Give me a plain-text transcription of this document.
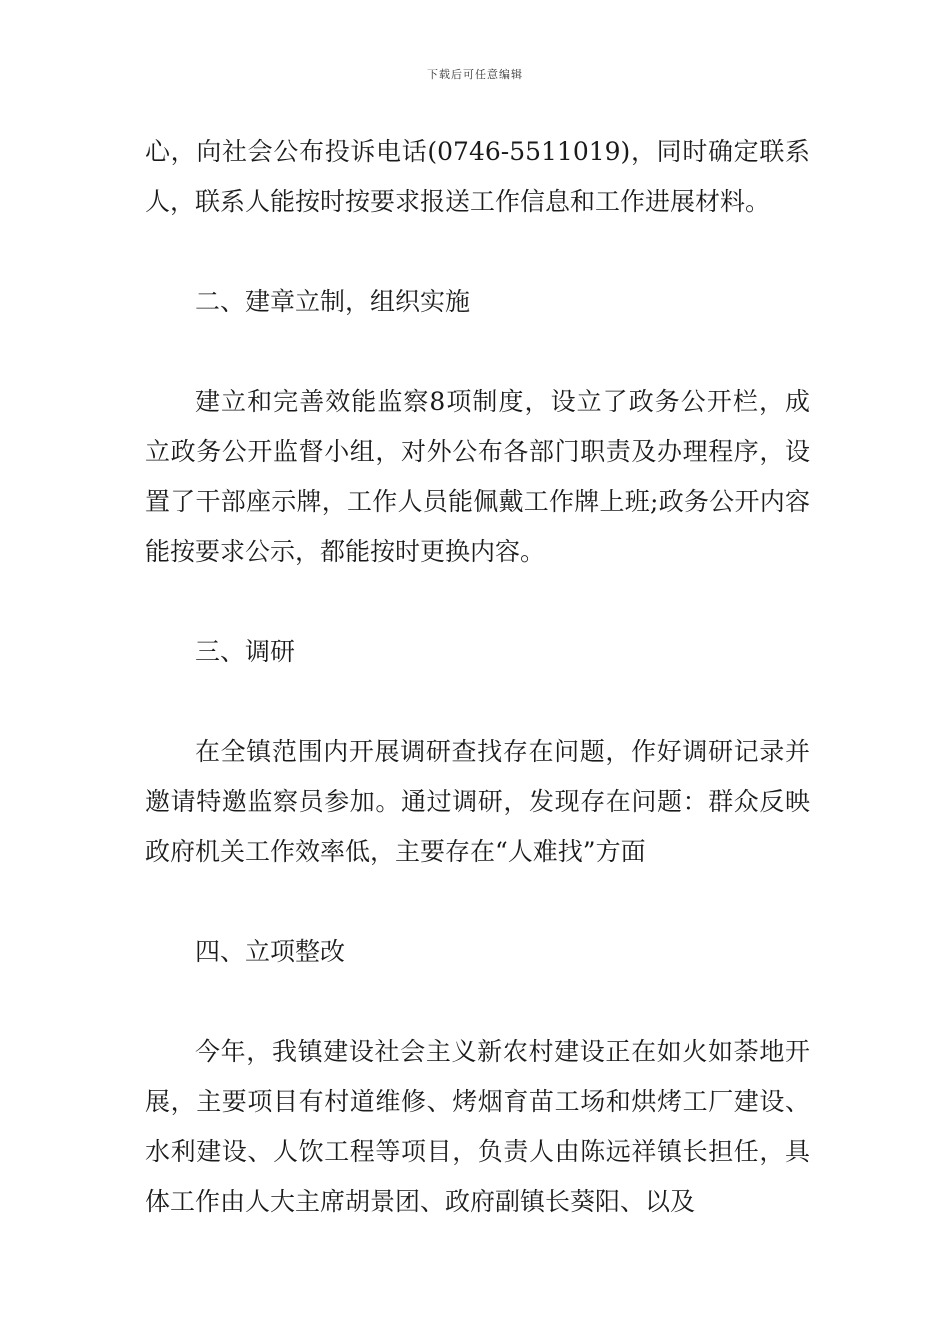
下载后可任意编辑

心，向社会公布投诉电话(0746-5511019)，同时确定联系人，联系人能按时按要求报送工作信息和工作进展材料。

二、建章立制，组织实施

建立和完善效能监察8项制度，设立了政务公开栏，成立政务公开监督小组，对外公布各部门职责及办理程序，设置了干部座示牌，工作人员能佩戴工作牌上班;政务公开内容能按要求公示，都能按时更换内容。

三、调研

在全镇范围内开展调研查找存在问题，作好调研记录并邀请特邀监察员参加。通过调研，发现存在问题：群众反映政府机关工作效率低，主要存在“人难找”方面

四、立项整改

今年，我镇建设社会主义新农村建设正在如火如荼地开展，主要项目有村道维修、烤烟育苗工场和烘烤工厂建设、水利建设、人饮工程等项目，负责人由陈远祥镇长担任，具体工作由人大主席胡景团、政府副镇长葵阳、以及
